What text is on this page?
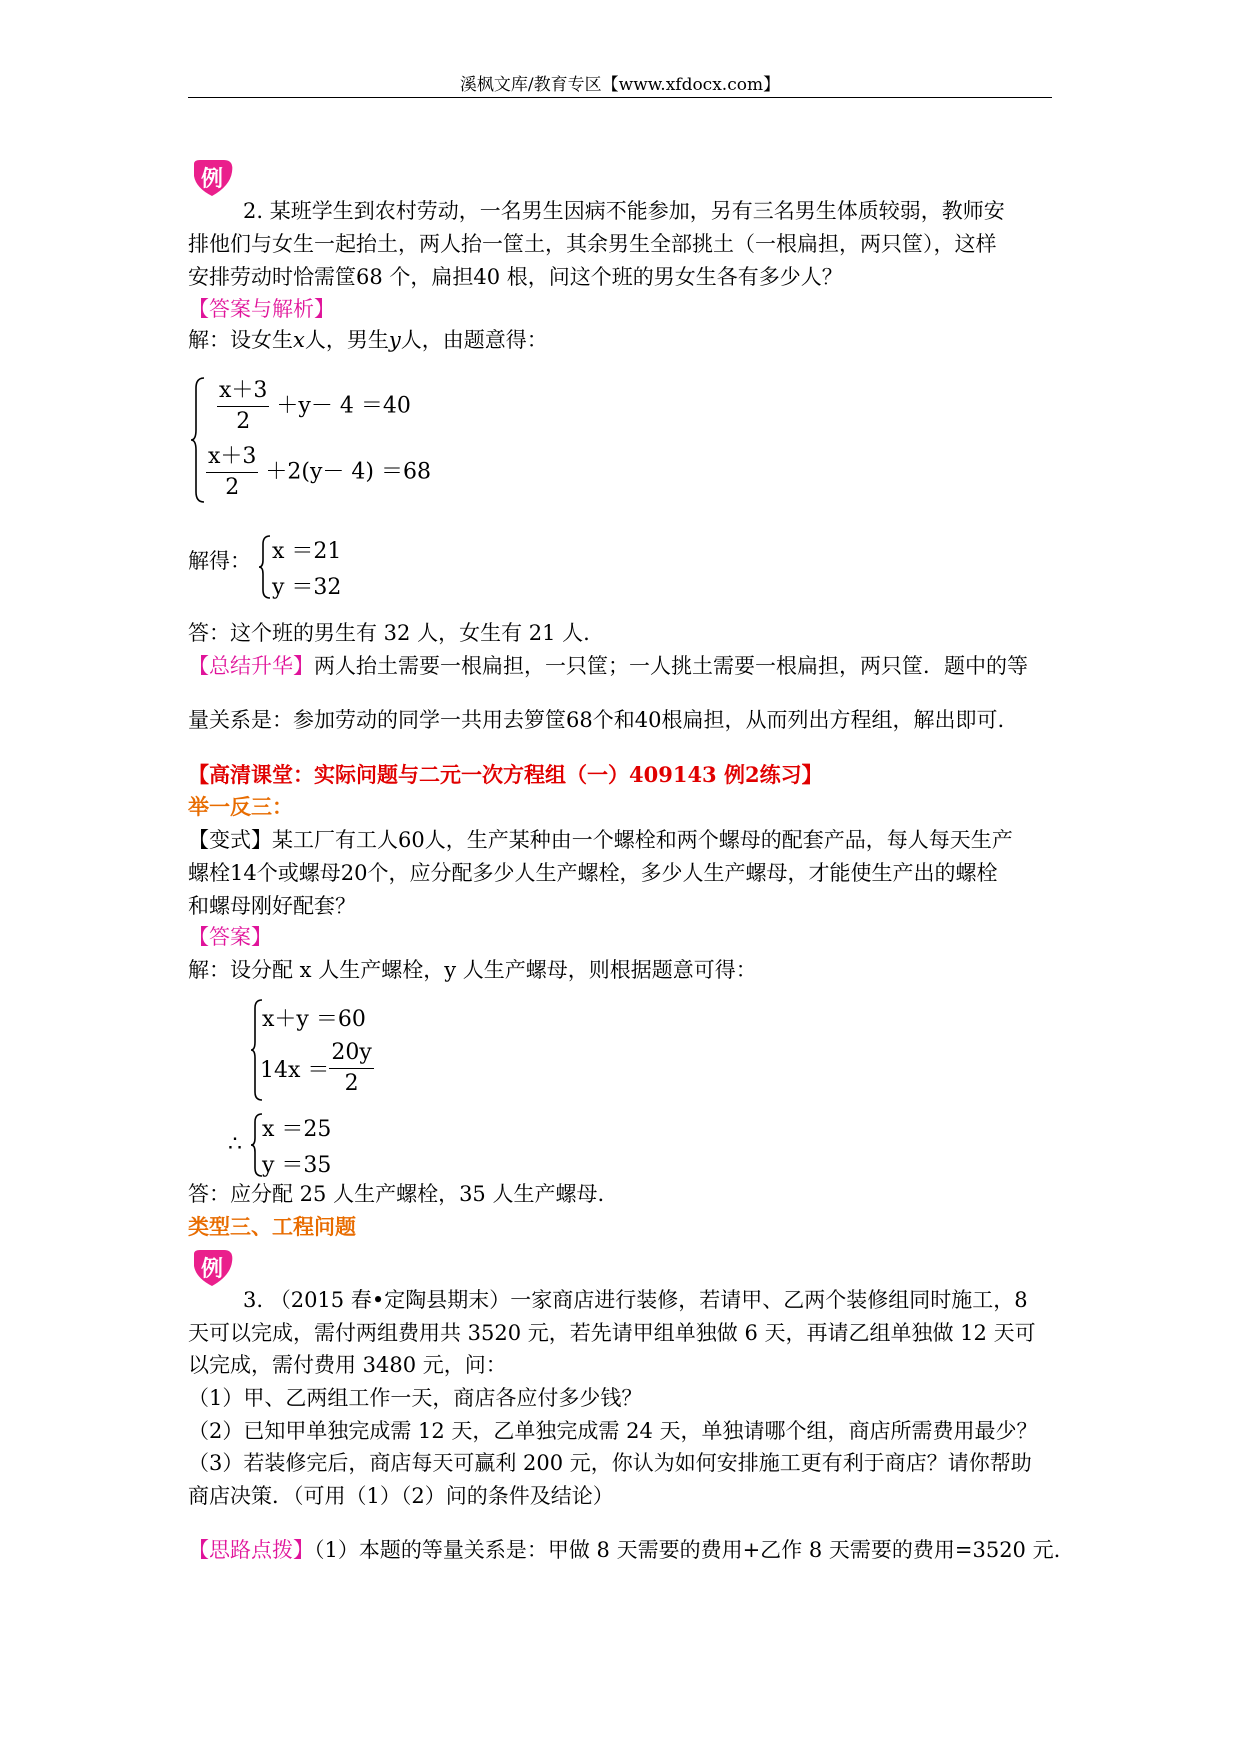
溪枫文库/教育专区【www.xfdocx.com】
例
2. 某班学生到农村劳动，一名男生因病不能参加，另有三名男生体质较弱，教师安
排他们与女生一起抬土，两人抬一筐土，其余男生全部挑土（一根扁担，两只筐），这样
安排劳动时恰需筐68 个，扁担40 根，问这个班的男女生各有多少人？
【答案与解析】
解：设女生x人，男生y人，由题意得：
$\frac{x+3}{2} +y- 4 =40$
$\frac{x+3}{2} +2(y- 4) =68$
解得： x ＝21
y ＝32
答：这个班的男生有 32 人，女生有 21 人.
【总结升华】两人抬土需要一根扁担，一只筐；一人挑土需要一根扁担，两只筐．题中的等
量关系是：参加劳动的同学一共用去箩筐68个和40根扁担，从而列出方程组，解出即可.
【高清课堂：实际问题与二元一次方程组（一）409143 例2练习】
举一反三：
【变式】某工厂有工人60人，生产某种由一个螺栓和两个螺母的配套产品，每人每天生产
螺栓14个或螺母20个，应分配多少人生产螺栓，多少人生产螺母，才能使生产出的螺栓
和螺母刚好配套？
【答案】
解：设分配 x 人生产螺栓，y 人生产螺母，则根据题意可得：
x＋y ＝60
$14x = \frac{20y}{2}$
∴
x ＝25
y ＝35
答：应分配 25 人生产螺栓，35 人生产螺母.
类型三、工程问题
例
3. （2015 春•定陶县期末）一家商店进行装修，若请甲、乙两个装修组同时施工，8
天可以完成，需付两组费用共 3520 元，若先请甲组单独做 6 天，再请乙组单独做 12 天可
以完成，需付费用 3480 元，问：
（1）甲、乙两组工作一天，商店各应付多少钱？
（2）已知甲单独完成需 12 天，乙单独完成需 24 天，单独请哪个组，商店所需费用最少？
（3）若装修完后，商店每天可赢利 200 元，你认为如何安排施工更有利于商店？请你帮助
商店决策．（可用（1）（2）问的条件及结论）
【思路点拨】（1）本题的等量关系是：甲做 8 天需要的费用+乙作 8 天需要的费用=3520 元.
